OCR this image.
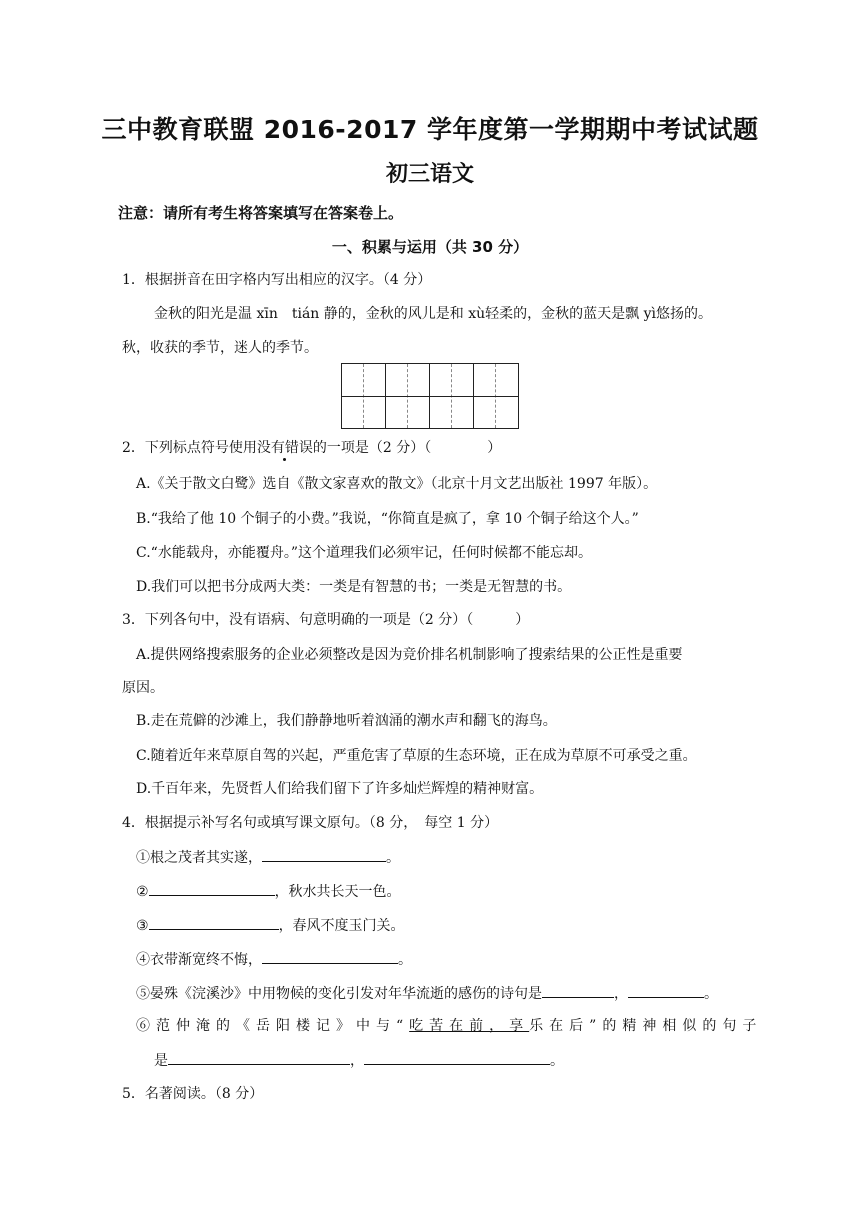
三中教育联盟 2016-2017 学年度第一学期期中考试试题
初三语文
注意：请所有考生将答案填写在答案卷上。
一、积累与运用（共 30 分）
1．根据拼音在田字格内写出相应的汉字。（4 分）
金秋的阳光是温 xīn　tián 静的，金秋的风儿是和 xù轻柔的，金秋的蓝天是飘 yì悠扬的。
秋，收获的季节，迷人的季节。
2．下列标点符号使用没有错误的一项是（2 分）（　　　　）
A.《关于散文白鹭》选自《散文家喜欢的散文》（北京十月文艺出版社 1997 年版）。
B.“我给了他 10 个铜子的小费。”我说，“你简直是疯了，拿 10 个铜子给这个人。”
C.“水能载舟，亦能覆舟。”这个道理我们必须牢记，任何时候都不能忘却。
D.我们可以把书分成两大类：一类是有智慧的书；一类是无智慧的书。
3．下列各句中，没有语病、句意明确的一项是（2 分）（　　　）
A.提供网络搜索服务的企业必须整改是因为竞价排名机制影响了搜索结果的公正性是重要
原因。
B.走在荒僻的沙滩上，我们静静地听着汹涌的潮水声和翻飞的海鸟。
C.随着近年来草原自驾的兴起，严重危害了草原的生态环境，正在成为草原不可承受之重。
D.千百年来，先贤哲人们给我们留下了许多灿烂辉煌的精神财富。
4．根据提示补写名句或填写课文原句。（8 分，　每空 1 分）
①根之茂者其实遂，	。
②	，秋水共长天一色。
③	，春风不度玉门关。
④衣带渐宽终不悔，	。
⑤晏殊《浣溪沙》中用物候的变化引发对年华流逝的感伤的诗句是	，	。
⑥范仲淹的《岳阳楼记》中与“吃苦在前，享乐在后”的精神相似的句子
是	，	。
5．名著阅读。（8 分）
